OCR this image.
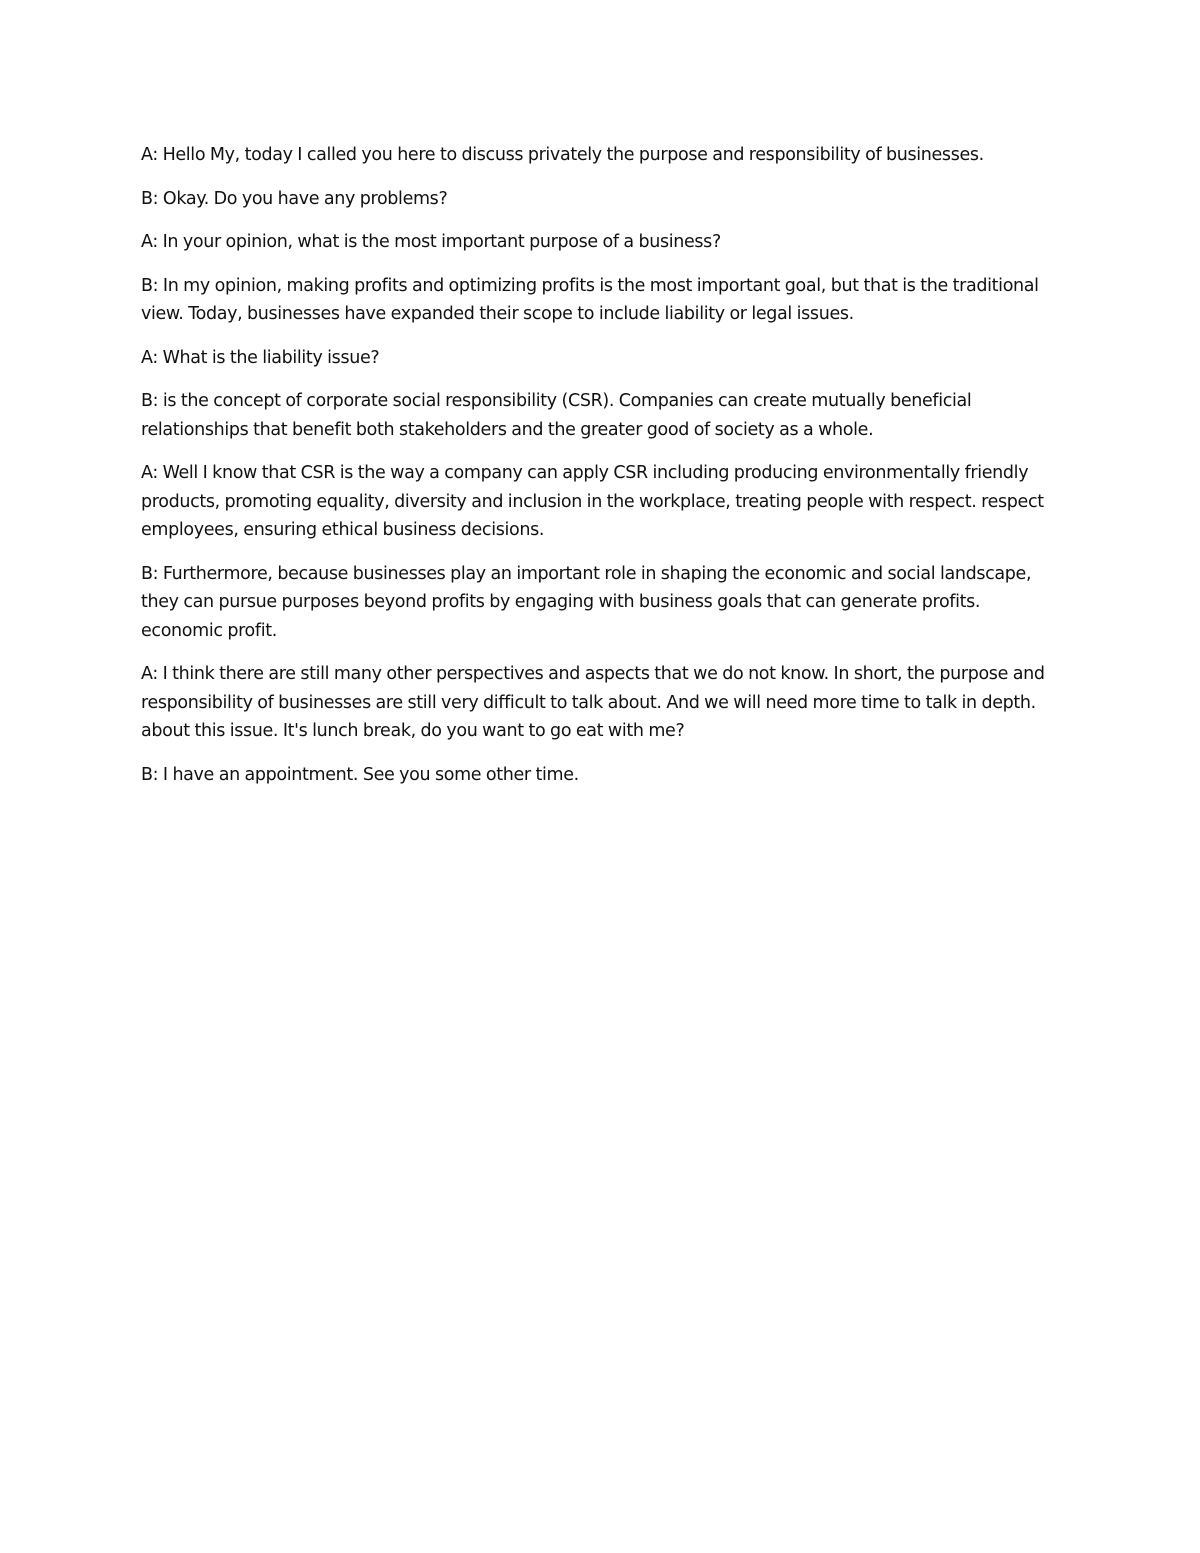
A: Hello My, today I called you here to discuss privately the purpose and responsibility of businesses.

B: Okay. Do you have any problems?

A: In your opinion, what is the most important purpose of a business?

B: In my opinion, making profits and optimizing profits is the most important goal, but that is the traditional view. Today, businesses have expanded their scope to include liability or legal issues.

A: What is the liability issue?

B: is the concept of corporate social responsibility (CSR). Companies can create mutually beneficial relationships that benefit both stakeholders and the greater good of society as a whole.

A: Well I know that CSR is the way a company can apply CSR including producing environmentally friendly products, promoting equality, diversity and inclusion in the workplace, treating people with respect. respect employees, ensuring ethical business decisions.

B: Furthermore, because businesses play an important role in shaping the economic and social landscape, they can pursue purposes beyond profits by engaging with business goals that can generate profits. economic profit.

A: I think there are still many other perspectives and aspects that we do not know. In short, the purpose and responsibility of businesses are still very difficult to talk about. And we will need more time to talk in depth. about this issue. It's lunch break, do you want to go eat with me?

B: I have an appointment. See you some other time.
